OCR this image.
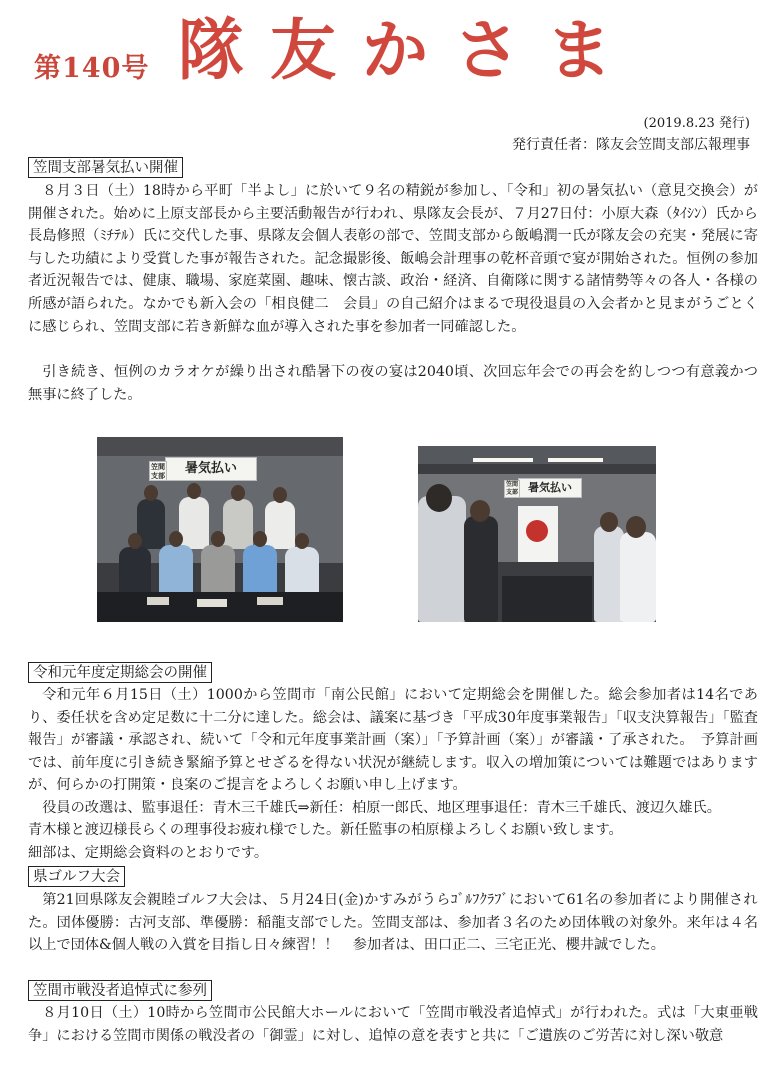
第140号 隊友かさま
(2019.8.23 発行)
発行責任者：隊友会笠間支部広報理事
笠間支部暑気払い開催

８月３日（土）18時から平町「半よし」に於いて９名の精鋭が参加し、「令和」初の暑気払い（意見交換会）が開催された。始めに上原支部長から主要活動報告が行われ、県隊友会長が、７月27日付：小原大森（ﾀｲｼﾝ）氏から長島修照（ﾐﾁﾃﾙ）氏に交代した事、県隊友会個人表彰の部で、笠間支部から飯嶋潤一氏が隊友会の充実・発展に寄与した功績により受賞した事が報告された。記念撮影後、飯嶋会計理事の乾杯音頭で宴が開始された。恒例の参加者近況報告では、健康、職場、家庭菜園、趣味、懐古談、政治・経済、自衛隊に関する諸情勢等々の各人・各様の所感が語られた。なかでも新入会の「相良健二　会員」の自己紹介はまるで現役退員の入会者かと見まがうごとくに感じられ、笠間支部に若き新鮮な血が導入された事を参加者一同確認した。

引き続き、恒例のカラオケが繰り出され酷暑下の夜の宴は2040頃、次回忘年会での再会を約しつつ有意義かつ無事に終了した。

暑気払い
笠間支部
暑気払い
笠間支部
令和元年度定期総会の開催

令和元年６月15日（土）1000から笠間市「南公民館」において定期総会を開催した。総会参加者は14名であり、委任状を含め定足数に十二分に達した。総会は、議案に基づき「平成30年度事業報告」「収支決算報告」「監査報告」が審議・承認され、続いて「令和元年度事業計画（案）」「予算計画（案）」が審議・了承された。　予算計画では、前年度に引き続き緊縮予算とせざるを得ない状況が継続します。収入の増加策については難題ではありますが、何らかの打開策・良案のご提言をよろしくお願い申し上げます。

役員の改選は、監事退任：青木三千雄氏⇒新任：柏原一郎氏、地区理事退任：青木三千雄氏、渡辺久雄氏。

青木様と渡辺様長らくの理事役お疲れ様でした。新任監事の柏原様よろしくお願い致します。

細部は、定期総会資料のとおりです。

県ゴルフ大会

第21回県隊友会親睦ゴルフ大会は、５月24日(金)かすみがうらｺﾞﾙﾌｸﾗﾌﾞにおいて61名の参加者により開催された。団体優勝：古河支部、準優勝：稲龍支部でした。笠間支部は、参加者３名のため団体戦の対象外。来年は４名以上で団体&個人戦の入賞を目指し日々練習！！　参加者は、田口正二、三宅正光、櫻井誠でした。

笠間市戦没者追悼式に参列

８月10日（土）10時から笠間市公民館大ホールにおいて「笠間市戦没者追悼式」が行われた。式は「大東亜戦争」における笠間市関係の戦没者の「御霊」に対し、追悼の意を表すと共に「ご遺族のご労苦に対し深い敬意
